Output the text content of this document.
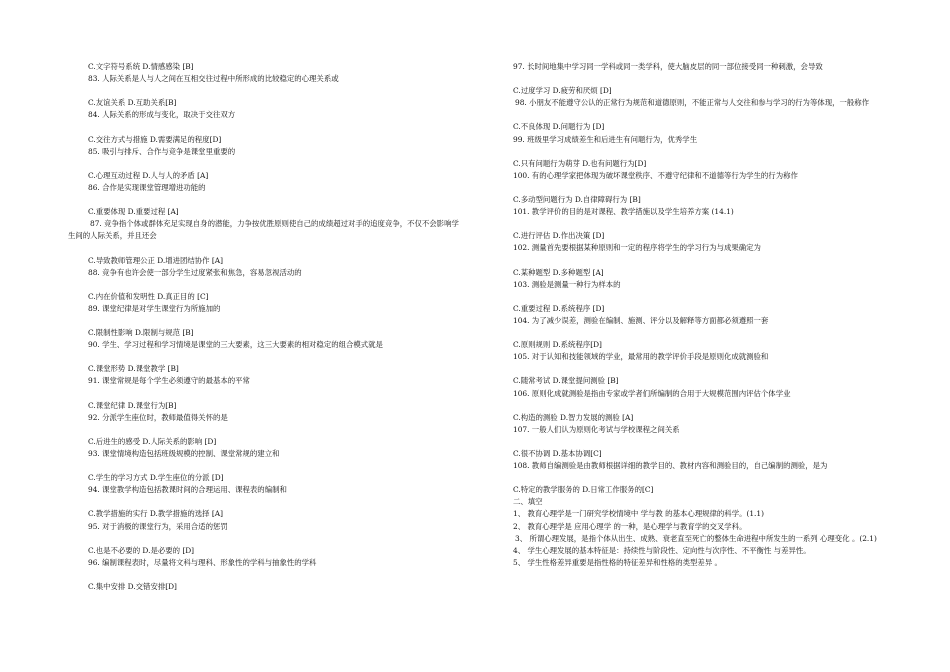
C.文字符号系统 D.情感感染 [B]
83. 人际关系是人与人之间在互相交往过程中所形成的比较稳定的心理关系或
C.友谊关系 D.互助关系[B]
84. 人际关系的形成与变化，取决于交往双方
C.交往方式与措施 D.需要满足的程度[D]
85. 吸引与排斥、合作与竞争是课堂里重要的
C.心理互动过程 D.人与人的矛盾 [A]
86. 合作是实现课堂管理增进功能的
C.重要体现 D.重要过程 [A]
87. 竞争指个体或群体充足实现自身的潜能，力争按优胜原则使自己的成绩超过对手的追度竞争，不仅不会影响学生间的人际关系，并且还会
C.导致教师管理公正 D.增进团结协作 [A]
88. 竞争有也许会使一部分学生过度紧张和焦急，容易忽视活动的
C.内在价值和发明性 D.真正目的 [C]
89. 课堂纪律是对学生课堂行为所施加的
C.限制性影响 D.限制与规范 [B]
90. 学生、学习过程和学习情境是课堂的三大要素，这三大要素的相对稳定的组合模式就是
C.课堂形势 D.课堂教学 [B]
91. 课堂常规是每个学生必须遵守的最基本的平常
C.课堂纪律 D.课堂行为[B]
92. 分派学生座位时，教师最值得关怀的是
C.后进生的感受 D.人际关系的影响 [D]
93. 课堂情境构造包括班级规模的控制、课堂常规的建立和
C.学生的学习方式 D.学生座位的分派 [D]
94. 课堂教学构造包括教课时间的合理运用、课程表的编制和
C.教学措施的实行 D.教学措施的选择 [A]
95. 对于消极的课堂行为，采用合适的惩罚
C.也是不必要的 D.是必要的 [D]
96. 编制课程表时，尽量将文科与理科、形象性的学科与抽象性的学科
C.集中安排 D.交错安排[D]
97. 长时间地集中学习同一学科或同一类学科，使大脑皮层的同一部位接受同一种刺激，会导致
C.过度学习 D.疲劳和厌烦 [D]
98. 小朋友不能遵守公认的正常行为规范和道德原则，不能正常与人交往和参与学习的行为等体现，一般称作
C.不良体现 D.问题行为 [D]
99. 班级里学习成绩差生和后进生有问题行为，优秀学生
C.只有问题行为萌芽 D.也有问题行为[D]
100. 有的心理学家把体现为破坏课堂秩序、不遵守纪律和不道德等行为学生的行为称作
C.多动型问题行为 D.自律障碍行为 [B]
101. 教学评价的目的是对课程、教学措施以及学生培养方案 (14.1)
C.进行评估 D.作出决策 [D]
102. 测量首先要根据某种原则和一定的程序将学生的学习行为与成果确定为
C.某种题型 D.多种题型 [A]
103. 测验是测量一种行为样本的
C.重要过程 D.系统程序 [D]
104. 为了减少误差，测验在编制、施测、评分以及解释等方面都必须遵照一套
C.原则规则 D.系统程序[D]
105. 对于认知和技能领域的学业，最常用的教学评价手段是原则化成就测验和
C.随常考试 D.课堂提问测验 [B]
106. 原则化成就测验是指由专家或学者们所编制的合用于大规模范围内评估个体学业
C.构造的测验 D.智力发展的测验 [A]
107. 一般人们认为原则化考试与学校课程之间关系
C.很不协调 D.基本协调[C]
108. 教师自编测验是由教师根据详细的教学目的、教材内容和测验目的，自己编制的测验，是为
C.特定的教学服务的 D.日常工作服务的[C]
二、填空
1、 教育心理学是一门研究学校情境中 学与教 的基本心理规律的科学。(1.1)
2、 教育心理学是 应用心理学 的一种，是心理学与教育学的交叉学科。
3、 所谓心理发展，是指个体从出生、成熟、衰老直至死亡的整体生命进程中所发生的一系列 心理变化 。(2.1)
4、 学生心理发展的基本特征是：持续性与阶段性、定向性与次序性、不平衡性 与差异性。
5、 学生性格差异重要是指性格的特征差异和性格的类型差异 。
